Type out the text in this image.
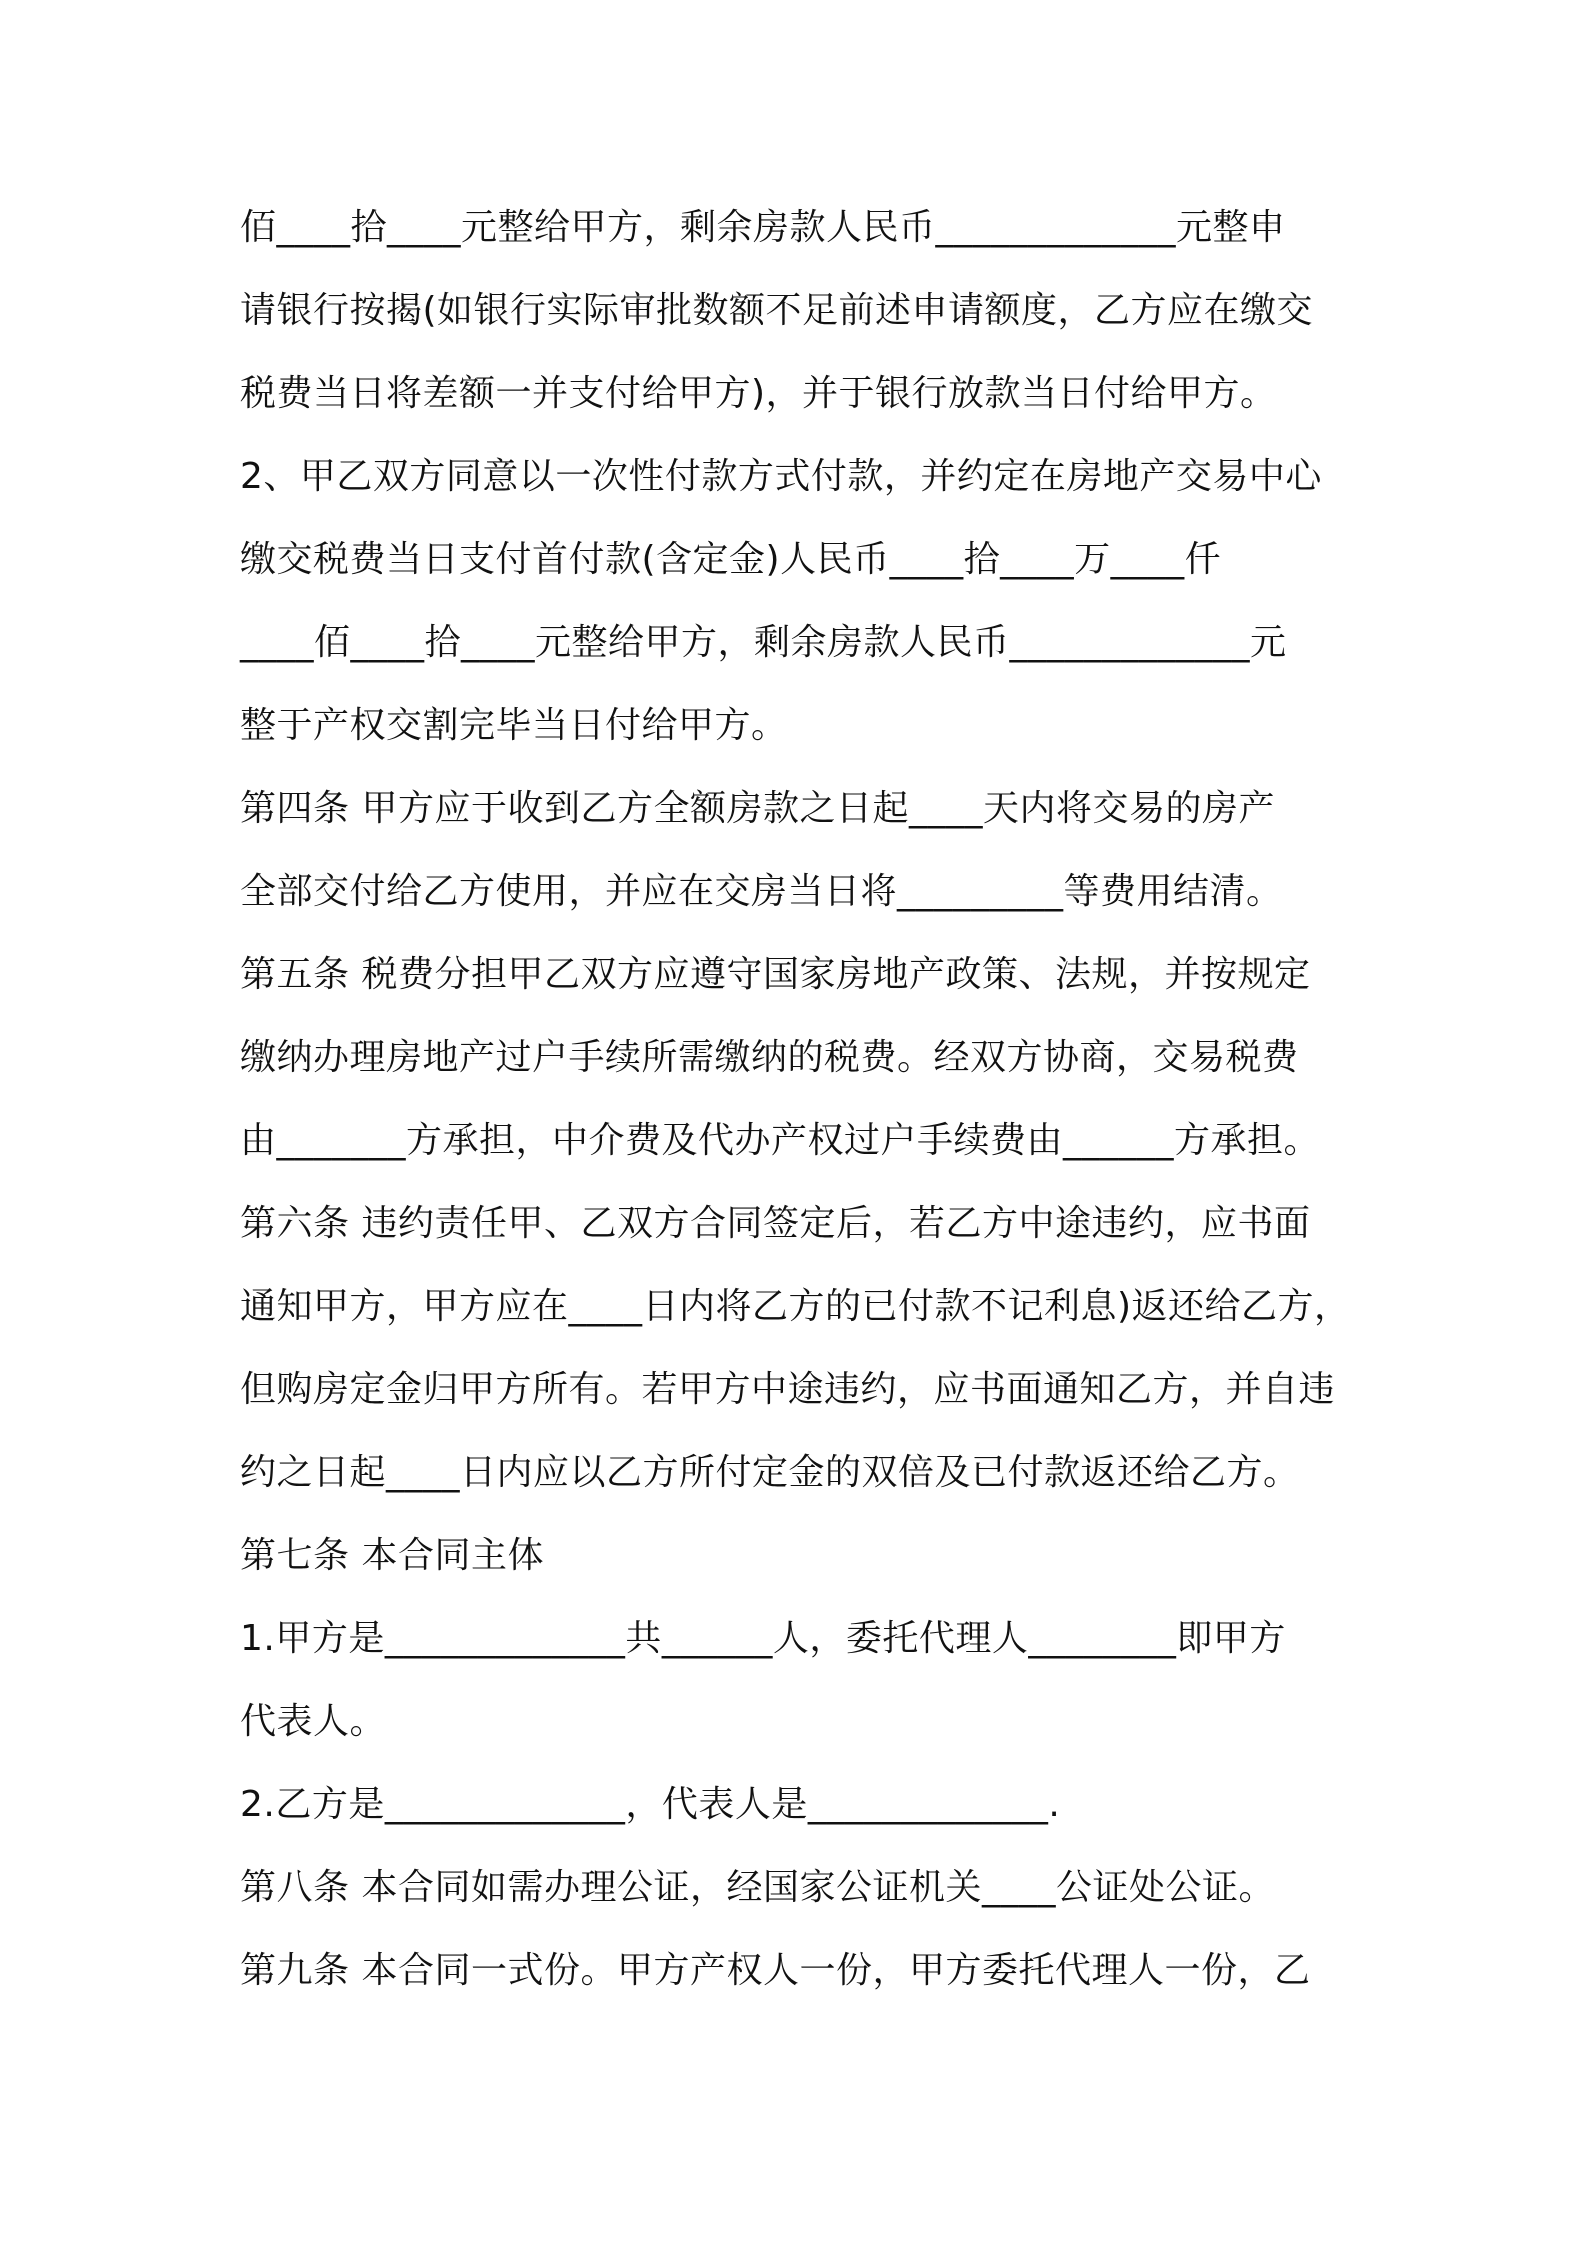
佰____拾____元整给甲方，剩余房款人民币_____________元整申
请银行按揭(如银行实际审批数额不足前述申请额度，乙方应在缴交
税费当日将差额一并支付给甲方)，并于银行放款当日付给甲方。
2、甲乙双方同意以一次性付款方式付款，并约定在房地产交易中心
缴交税费当日支付首付款(含定金)人民币____拾____万____仟
____佰____拾____元整给甲方，剩余房款人民币_____________元
整于产权交割完毕当日付给甲方。
第四条 甲方应于收到乙方全额房款之日起____天内将交易的房产
全部交付给乙方使用，并应在交房当日将_________等费用结清。
第五条 税费分担甲乙双方应遵守国家房地产政策、法规，并按规定
缴纳办理房地产过户手续所需缴纳的税费。经双方协商，交易税费
由_______方承担，中介费及代办产权过户手续费由______方承担。
第六条 违约责任甲、乙双方合同签定后，若乙方中途违约，应书面
通知甲方，甲方应在____日内将乙方的已付款不记利息)返还给乙方，
但购房定金归甲方所有。若甲方中途违约，应书面通知乙方，并自违
约之日起____日内应以乙方所付定金的双倍及已付款返还给乙方。
第七条 本合同主体
1.甲方是_____________共______人，委托代理人________即甲方
代表人。
2.乙方是_____________，代表人是_____________.
第八条 本合同如需办理公证，经国家公证机关____公证处公证。
第九条 本合同一式份。甲方产权人一份，甲方委托代理人一份，乙
